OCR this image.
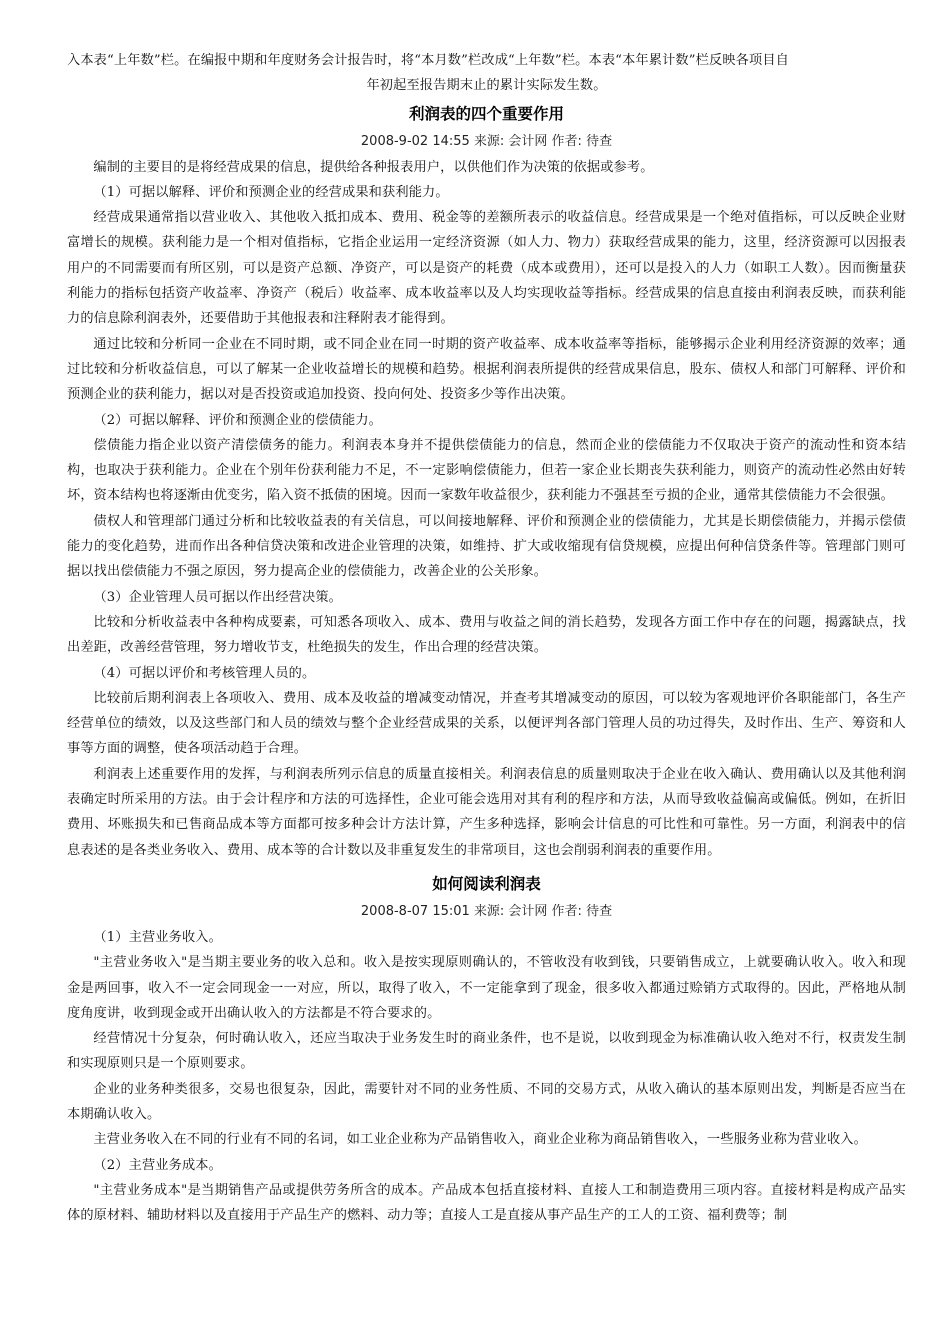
入本表“上年数”栏。在编报中期和年度财务会计报告时，将“本月数”栏改成“上年数”栏。本表“本年累计数”栏反映各项目自

年初起至报告期末止的累计实际发生数。

利润表的四个重要作用
2008-9-02 14:55 来源: 会计网 作者: 待查

编制的主要目的是将经营成果的信息，提供给各种报表用户，以供他们作为决策的依据或参考。

（1）可据以解释、评价和预测企业的经营成果和获利能力。

经营成果通常指以营业收入、其他收入抵扣成本、费用、税金等的差额所表示的收益信息。经营成果是一个绝对值指标，可以反映企业财富增长的规模。获利能力是一个相对值指标，它指企业运用一定经济资源（如人力、物力）获取经营成果的能力，这里，经济资源可以因报表用户的不同需要而有所区别，可以是资产总额、净资产，可以是资产的耗费（成本或费用），还可以是投入的人力（如职工人数）。因而衡量获利能力的指标包括资产收益率、净资产（税后）收益率、成本收益率以及人均实现收益等指标。经营成果的信息直接由利润表反映，而获利能力的信息除利润表外，还要借助于其他报表和注释附表才能得到。

通过比较和分析同一企业在不同时期，或不同企业在同一时期的资产收益率、成本收益率等指标，能够揭示企业利用经济资源的效率；通过比较和分析收益信息，可以了解某一企业收益增长的规模和趋势。根据利润表所提供的经营成果信息，股东、债权人和部门可解释、评价和预测企业的获利能力，据以对是否投资或追加投资、投向何处、投资多少等作出决策。

（2）可据以解释、评价和预测企业的偿债能力。

偿债能力指企业以资产清偿债务的能力。利润表本身并不提供偿债能力的信息，然而企业的偿债能力不仅取决于资产的流动性和资本结构，也取决于获利能力。企业在个别年份获利能力不足，不一定影响偿债能力，但若一家企业长期丧失获利能力，则资产的流动性必然由好转坏，资本结构也将逐渐由优变劣，陷入资不抵债的困境。因而一家数年收益很少，获利能力不强甚至亏损的企业，通常其偿债能力不会很强。

债权人和管理部门通过分析和比较收益表的有关信息，可以间接地解释、评价和预测企业的偿债能力，尤其是长期偿债能力，并揭示偿债能力的变化趋势，进而作出各种信贷决策和改进企业管理的决策，如维持、扩大或收缩现有信贷规模，应提出何种信贷条件等。管理部门则可据以找出偿债能力不强之原因，努力提高企业的偿债能力，改善企业的公关形象。

（3）企业管理人员可据以作出经营决策。

比较和分析收益表中各种构成要素，可知悉各项收入、成本、费用与收益之间的消长趋势，发现各方面工作中存在的问题，揭露缺点，找出差距，改善经营管理，努力增收节支，杜绝损失的发生，作出合理的经营决策。

（4）可据以评价和考核管理人员的。

比较前后期利润表上各项收入、费用、成本及收益的增减变动情况，并查考其增减变动的原因，可以较为客观地评价各职能部门，各生产经营单位的绩效，以及这些部门和人员的绩效与整个企业经营成果的关系，以便评判各部门管理人员的功过得失，及时作出、生产、筹资和人事等方面的调整，使各项活动趋于合理。

利润表上述重要作用的发挥，与利润表所列示信息的质量直接相关。利润表信息的质量则取决于企业在收入确认、费用确认以及其他利润表确定时所采用的方法。由于会计程序和方法的可选择性，企业可能会选用对其有利的程序和方法，从而导致收益偏高或偏低。例如，在折旧费用、坏账损失和已售商品成本等方面都可按多种会计方法计算，产生多种选择，影响会计信息的可比性和可靠性。另一方面，利润表中的信息表述的是各类业务收入、费用、成本等的合计数以及非重复发生的非常项目，这也会削弱利润表的重要作用。

如何阅读利润表
2008-8-07 15:01 来源: 会计网 作者: 待查

（1）主营业务收入。

"主营业务收入"是当期主要业务的收入总和。收入是按实现原则确认的，不管收没有收到钱，只要销售成立，上就要确认收入。收入和现金是两回事，收入不一定会同现金一一对应，所以，取得了收入，不一定能拿到了现金，很多收入都通过赊销方式取得的。因此，严格地从制度角度讲，收到现金或开出确认收入的方法都是不符合要求的。

经营情况十分复杂，何时确认收入，还应当取决于业务发生时的商业条件，也不是说，以收到现金为标准确认收入绝对不行，权责发生制和实现原则只是一个原则要求。

企业的业务种类很多，交易也很复杂，因此，需要针对不同的业务性质、不同的交易方式，从收入确认的基本原则出发，判断是否应当在本期确认收入。

主营业务收入在不同的行业有不同的名词，如工业企业称为产品销售收入，商业企业称为商品销售收入，一些服务业称为营业收入。

（2）主营业务成本。

"主营业务成本"是当期销售产品或提供劳务所含的成本。产品成本包括直接材料、直接人工和制造费用三项内容。直接材料是构成产品实体的原材料、辅助材料以及直接用于产品生产的燃料、动力等；直接人工是直接从事产品生产的工人的工资、福利费等；制
